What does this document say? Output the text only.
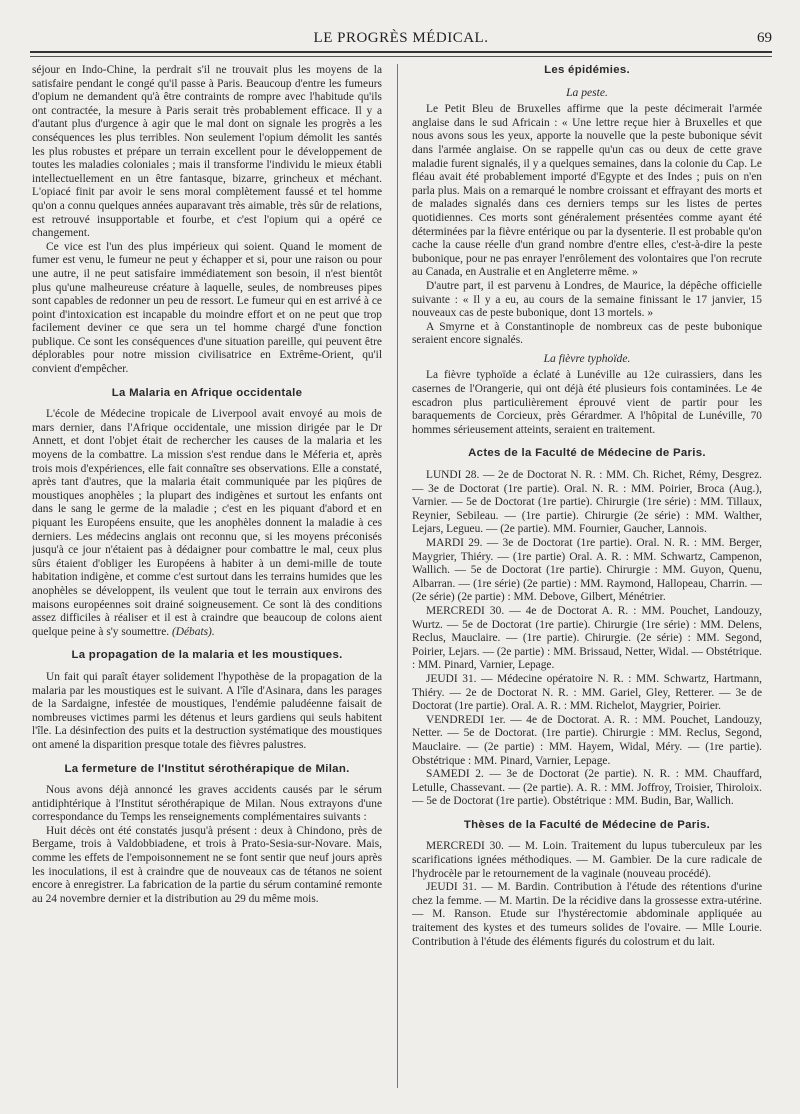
LE PROGRÈS MÉDICAL.	69

séjour en Indo-Chine, la perdrait s'il ne trouvait plus les moyens de la satisfaire pendant le congé qu'il passe à Paris. Beaucoup d'entre les fumeurs d'opium ne demandent qu'à être contraints de rompre avec l'habitude qu'ils ont contractée, la mesure à Paris serait très probablement efficace. Il y a d'autant plus d'urgence à agir que le mal dont on signale les progrès a les conséquences les plus terribles. Non seulement l'opium démolit les santés les plus robustes et prépare un terrain excellent pour le développement de toutes les maladies coloniales ; mais il transforme l'individu le mieux établi intellectuellement en un être fantasque, bizarre, grincheux et méchant. L'opiacé finit par avoir le sens moral complètement faussé et tel homme qu'on a connu quelques années auparavant très aimable, très sûr de relations, est retrouvé insupportable et fourbe, et c'est l'opium qui a opéré ce changement.

Ce vice est l'un des plus impérieux qui soient. Quand le moment de fumer est venu, le fumeur ne peut y échapper et si, pour une raison ou pour une autre, il ne peut satisfaire immédiatement son besoin, il n'est bientôt plus qu'une malheureuse créature à laquelle, seules, de nombreuses pipes sont capables de redonner un peu de ressort. Le fumeur qui en est arrivé à ce point d'intoxication est incapable du moindre effort et on ne peut que trop facilement deviner ce que sera un tel homme chargé d'une fonction publique. Ce sont les conséquences d'une situation pareille, qui peuvent être déplorables pour notre mission civilisatrice en Extrême-Orient, qu'il convient d'empêcher.

La Malaria en Afrique occidentale

L'école de Médecine tropicale de Liverpool avait envoyé au mois de mars dernier, dans l'Afrique occidentale, une mission dirigée par le Dr Annett, et dont l'objet était de rechercher les causes de la malaria et les moyens de la combattre. La mission s'est rendue dans le Méferia et, après trois mois d'expériences, elle fait connaître ses observations. Elle a constaté, après tant d'autres, que la malaria était communiquée par les piqûres de moustiques anophèles ; la plupart des indigènes et surtout les enfants ont dans le sang le germe de la maladie ; c'est en les piquant d'abord et en piquant les Européens ensuite, que les anophèles donnent la maladie à ces derniers. Les médecins anglais ont reconnu que, si les moyens préconisés jusqu'à ce jour n'étaient pas à dédaigner pour combattre le mal, ceux plus sûrs étaient d'obliger les Européens à habiter à un demi-mille de toute habitation indigène, et comme c'est surtout dans les terrains humides que les anophèles se développent, ils veulent que tout le terrain aux environs des maisons européennes soit drainé soigneusement. Ce sont là des conditions assez difficiles à réaliser et il est à craindre que beaucoup de colons aient quelque peine à s'y soumettre. (Débats).

La propagation de la malaria et les moustiques.

Un fait qui paraît étayer solidement l'hypothèse de la propagation de la malaria par les moustiques est le suivant. A l'île d'Asinara, dans les parages de la Sardaigne, infestée de moustiques, l'endémie paludéenne faisait de nombreuses victimes parmi les détenus et leurs gardiens qui seuls habitent l'île. La désinfection des puits et la destruction systématique des moustiques ont amené la disparition presque totale des fièvres palustres.

La fermeture de l'Institut sérothérapique de Milan.

Nous avons déjà annoncé les graves accidents causés par le sérum antidiphtérique à l'Institut sérothérapique de Milan. Nous extrayons d'une correspondance du Temps les renseignements complémentaires suivants :

Huit décès ont été constatés jusqu'à présent : deux à Chindono, près de Bergame, trois à Valdobbiadene, et trois à Prato-Sesia-sur-Novare. Mais, comme les effets de l'empoisonnement ne se font sentir que neuf jours après les inoculations, il est à craindre que de nouveaux cas de tétanos ne soient encore à enregistrer. La fabrication de la partie du sérum contaminé remonte au 24 novembre dernier et la distribution au 29 du même mois.

Les épidémies.
La peste.

Le Petit Bleu de Bruxelles affirme que la peste décimerait l'armée anglaise dans le sud Africain : « Une lettre reçue hier à Bruxelles et que nous avons sous les yeux, apporte la nouvelle que la peste bubonique sévit dans l'armée anglaise. On se rappelle qu'un cas ou deux de cette grave maladie furent signalés, il y a quelques semaines, dans la colonie du Cap. Le fléau avait été probablement importé d'Egypte et des Indes ; puis on n'en parla plus. Mais on a remarqué le nombre croissant et effrayant des morts et de malades signalés dans ces derniers temps sur les listes de pertes quotidiennes. Ces morts sont généralement présentées comme ayant été déterminées par la fièvre entérique ou par la dysenterie. Il est probable qu'on cache la cause réelle d'un grand nombre d'entre elles, c'est-à-dire la peste bubonique, pour ne pas enrayer l'enrôlement des volontaires que l'on recrute au Canada, en Australie et en Angleterre même. »

D'autre part, il est parvenu à Londres, de Maurice, la dépêche officielle suivante : « Il y a eu, au cours de la semaine finissant le 17 janvier, 15 nouveaux cas de peste bubonique, dont 13 mortels. »

A Smyrne et à Constantinople de nombreux cas de peste bubonique seraient encore signalés.

La fièvre typhoïde.

La fièvre typhoïde a éclaté à Lunéville au 12e cuirassiers, dans les casernes de l'Orangerie, qui ont déjà été plusieurs fois contaminées. Le 4e escadron plus particulièrement éprouvé vient de partir pour les baraquements de Corcieux, près Gérardmer. A l'hôpital de Lunéville, 70 hommes sérieusement atteints, seraient en traitement.

Actes de la Faculté de Médecine de Paris.

LUNDI 28. — 2e de Doctorat N. R. : MM. Ch. Richet, Rémy, Desgrez. — 3e de Doctorat (1re partie). Oral. N. R. : MM. Poirier, Broca (Aug.), Varnier. — 5e de Doctorat (1re partie). Chirurgie (1re série) : MM. Tillaux, Reynier, Sebileau. — (1re partie). Chirurgie (2e série) : MM. Walther, Lejars, Legueu. — (2e partie). MM. Fournier, Gaucher, Lannois.

MARDI 29. — 3e de Doctorat (1re partie). Oral. N. R. : MM. Berger, Maygrier, Thiéry. — (1re partie) Oral. A. R. : MM. Schwartz, Campenon, Wallich. — 5e de Doctorat (1re partie). Chirurgie : MM. Guyon, Quenu, Albarran. — (1re série) (2e partie) : MM. Raymond, Hallopeau, Charrin. — (2e série) (2e partie) : MM. Debove, Gilbert, Ménétrier.

MERCREDI 30. — 4e de Doctorat A. R. : MM. Pouchet, Landouzy, Wurtz. — 5e de Doctorat (1re partie). Chirurgie (1re série) : MM. Delens, Reclus, Mauclaire. — (1re partie). Chirurgie. (2e série) : MM. Segond, Poirier, Lejars. — (2e partie) : MM. Brissaud, Netter, Widal. — Obstétrique. : MM. Pinard, Varnier, Lepage.

JEUDI 31. — Médecine opératoire N. R. : MM. Schwartz, Hartmann, Thiéry. — 2e de Doctorat N. R. : MM. Gariel, Gley, Retterer. — 3e de Doctorat (1re partie). Oral. A. R. : MM. Richelot, Maygrier, Poirier.

VENDREDI 1er. — 4e de Doctorat. A. R. : MM. Pouchet, Landouzy, Netter. — 5e de Doctorat. (1re partie). Chirurgie : MM. Reclus, Segond, Mauclaire. — (2e partie) : MM. Hayem, Widal, Méry. — (1re partie). Obstétrique : MM. Pinard, Varnier, Lepage.

SAMEDI 2. — 3e de Doctorat (2e partie). N. R. : MM. Chauffard, Letulle, Chassevant. — (2e partie). A. R. : MM. Joffroy, Troisier, Thiroloix. — 5e de Doctorat (1re partie). Obstétrique : MM. Budin, Bar, Wallich.

Thèses de la Faculté de Médecine de Paris.

MERCREDI 30. — M. Loin. Traitement du lupus tuberculeux par les scarifications ignées méthodiques. — M. Gambier. De la cure radicale de l'hydrocèle par le retournement de la vaginale (nouveau procédé).

JEUDI 31. — M. Bardin. Contribution à l'étude des rétentions d'urine chez la femme. — M. Martin. De la récidive dans la grossesse extra-utérine. — M. Ranson. Etude sur l'hystérectomie abdominale appliquée au traitement des kystes et des tumeurs solides de l'ovaire. — Mlle Lourie. Contribution à l'étude des éléments figurés du colostrum et du lait.
